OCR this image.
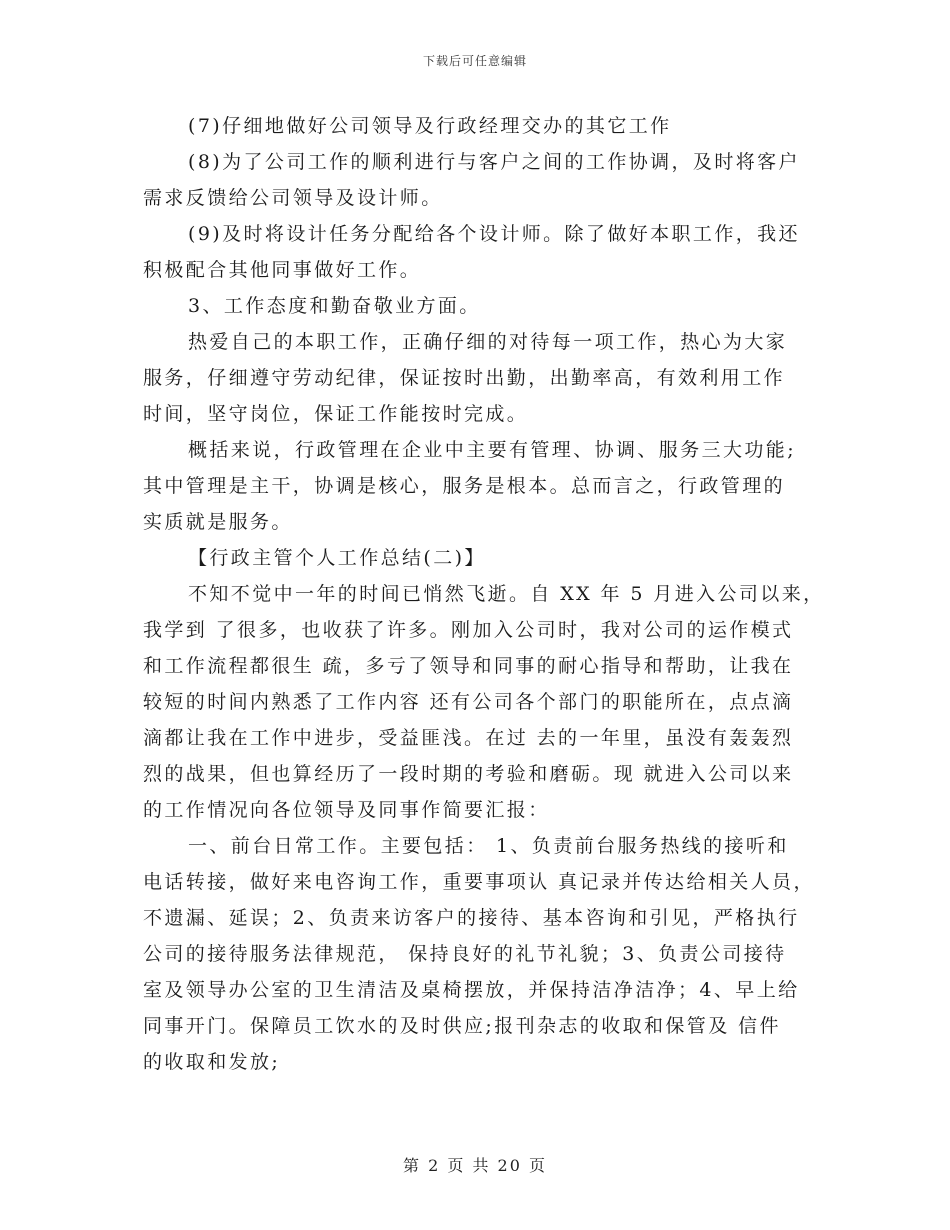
下载后可任意编辑
(7)仔细地做好公司领导及行政经理交办的其它工作
(8)为了公司工作的顺利进行与客户之间的工作协调，及时将客户
需求反馈给公司领导及设计师。
(9)及时将设计任务分配给各个设计师。除了做好本职工作，我还
积极配合其他同事做好工作。
3、工作态度和勤奋敬业方面。
热爱自己的本职工作，正确仔细的对待每一项工作，热心为大家
服务，仔细遵守劳动纪律，保证按时出勤，出勤率高，有效利用工作
时间，坚守岗位，保证工作能按时完成。
概括来说，行政管理在企业中主要有管理、协调、服务三大功能;
其中管理是主干，协调是核心，服务是根本。总而言之，行政管理的
实质就是服务。
【行政主管个人工作总结(二)】
不知不觉中一年的时间已悄然飞逝。自 XX 年 5 月进入公司以来，
我学到 了很多，也收获了许多。刚加入公司时，我对公司的运作模式
和工作流程都很生 疏，多亏了领导和同事的耐心指导和帮助，让我在
较短的时间内熟悉了工作内容 还有公司各个部门的职能所在，点点滴
滴都让我在工作中进步，受益匪浅。在过 去的一年里，虽没有轰轰烈
烈的战果，但也算经历了一段时期的考验和磨砺。现 就进入公司以来
的工作情况向各位领导及同事作简要汇报：
一、前台日常工作。主要包括： 1、负责前台服务热线的接听和
电话转接，做好来电咨询工作，重要事项认 真记录并传达给相关人员，
不遗漏、延误；2、负责来访客户的接待、基本咨询和引见，严格执行
公司的接待服务法律规范， 保持良好的礼节礼貌；3、负责公司接待
室及领导办公室的卫生清洁及桌椅摆放，并保持洁净洁净；4、早上给
同事开门。保障员工饮水的及时供应;报刊杂志的收取和保管及 信件
的收取和发放;
第 2 页 共 20 页
